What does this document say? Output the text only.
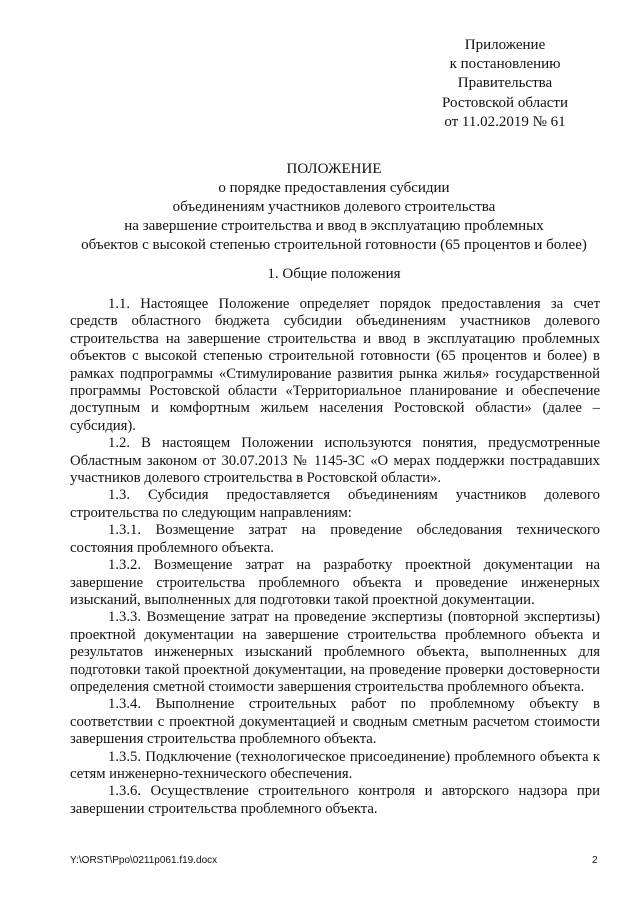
Приложение
к постановлению
Правительства
Ростовской области
от 11.02.2019 № 61
ПОЛОЖЕНИЕ
о порядке предоставления субсидии
объединениям участников долевого строительства
на завершение строительства и ввод в эксплуатацию проблемных
объектов с высокой степенью строительной готовности (65 процентов и более)
1. Общие положения

1.1. Настоящее Положение определяет порядок предоставления за счет средств областного бюджета субсидии объединениям участников долевого строительства на завершение строительства и ввод в эксплуатацию проблемных объектов с высокой степенью строительной готовности (65 процентов и более) в рамках подпрограммы «Стимулирование развития рынка жилья» государственной программы Ростовской области «Территориальное планирование и обеспечение доступным и комфортным жильем населения Ростовской области» (далее – субсидия).

1.2. В настоящем Положении используются понятия, предусмотренные Областным законом от 30.07.2013 № 1145-ЗС «О мерах поддержки пострадавших участников долевого строительства в Ростовской области».

1.3. Субсидия предоставляется объединениям участников долевого строительства по следующим направлениям:

1.3.1. Возмещение затрат на проведение обследования технического состояния проблемного объекта.

1.3.2. Возмещение затрат на разработку проектной документации на завершение строительства проблемного объекта и проведение инженерных изысканий, выполненных для подготовки такой проектной документации.

1.3.3. Возмещение затрат на проведение экспертизы (повторной экспертизы) проектной документации на завершение строительства проблемного объекта и результатов инженерных изысканий проблемного объекта, выполненных для подготовки такой проектной документации, на проведение проверки достоверности определения сметной стоимости завершения строительства проблемного объекта.

1.3.4. Выполнение строительных работ по проблемному объекту в соответствии с проектной документацией и сводным сметным расчетом стоимости завершения строительства проблемного объекта.

1.3.5. Подключение (технологическое присоединение) проблемного объекта к сетям инженерно-технического обеспечения.

1.3.6. Осуществление строительного контроля и авторского надзора при завершении строительства проблемного объекта.

Y:\ORST\Ppo\0211p061.f19.docx	2
